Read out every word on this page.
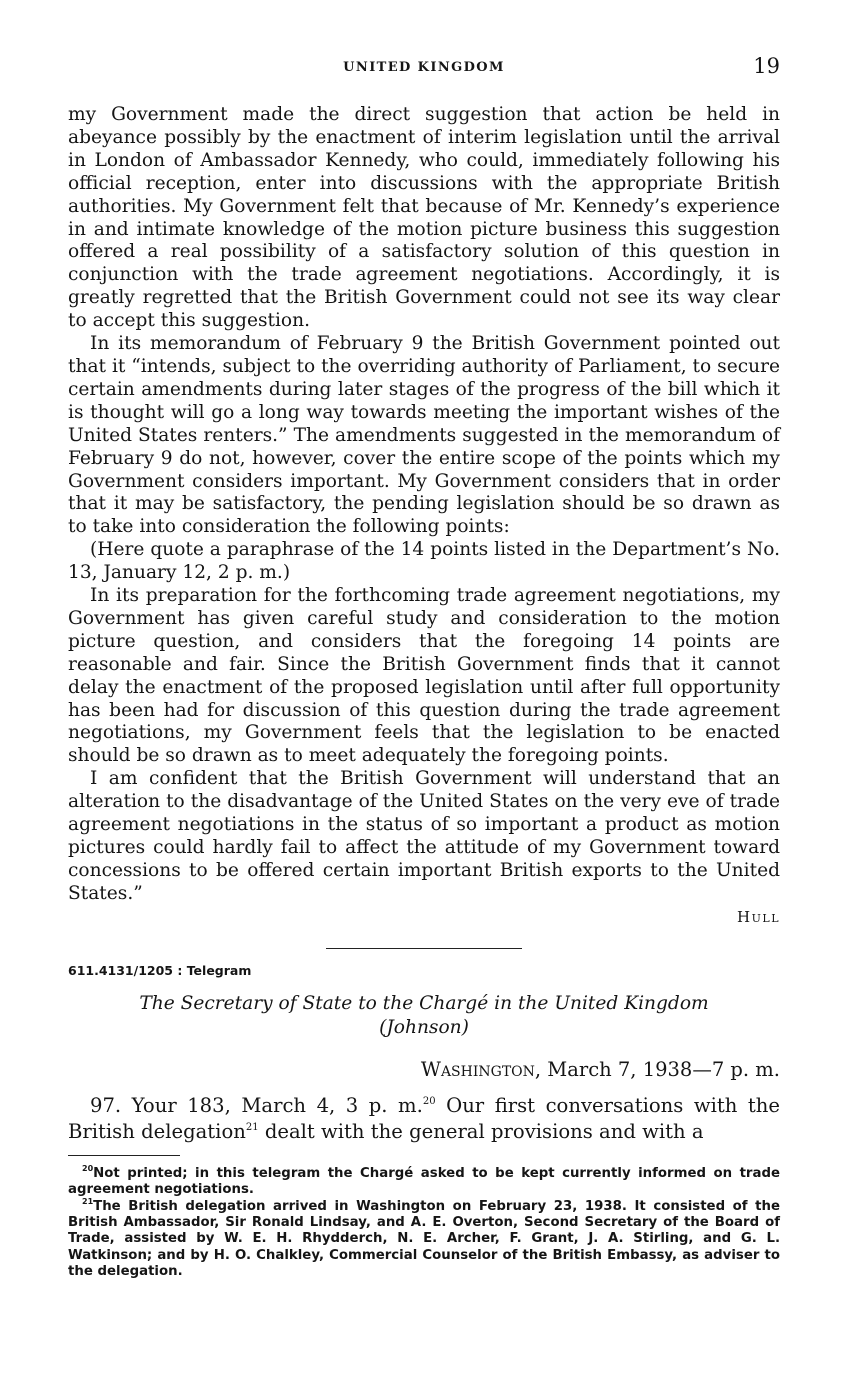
UNITED KINGDOM	19

my Government made the direct suggestion that action be held in abeyance possibly by the enactment of interim legislation until the arrival in London of Ambassador Kennedy, who could, immediately following his official reception, enter into discussions with the appropriate British authorities. My Government felt that because of Mr. Kennedy’s experience in and intimate knowledge of the motion picture business this suggestion offered a real possibility of a satisfactory solution of this question in conjunction with the trade agreement negotiations. Accordingly, it is greatly regretted that the British Government could not see its way clear to accept this suggestion.

In its memorandum of February 9 the British Government pointed out that it “intends, subject to the overriding authority of Parliament, to secure certain amendments during later stages of the progress of the bill which it is thought will go a long way towards meeting the important wishes of the United States renters.” The amendments suggested in the memorandum of February 9 do not, however, cover the entire scope of the points which my Government considers important. My Government considers that in order that it may be satisfactory, the pending legislation should be so drawn as to take into consideration the following points:

(Here quote a paraphrase of the 14 points listed in the Department’s No. 13, January 12, 2 p. m.)

In its preparation for the forthcoming trade agreement negotiations, my Government has given careful study and consideration to the motion picture question, and considers that the foregoing 14 points are reasonable and fair. Since the British Government finds that it cannot delay the enactment of the proposed legislation until after full opportunity has been had for discussion of this question during the trade agreement negotiations, my Government feels that the legislation to be enacted should be so drawn as to meet adequately the foregoing points.

I am confident that the British Government will understand that an alteration to the disadvantage of the United States on the very eve of trade agreement negotiations in the status of so important a product as motion pictures could hardly fail to affect the attitude of my Government toward concessions to be offered certain important British exports to the United States.”

Hull
611.4131/1205 : Telegram
The Secretary of State to the Chargé in the United Kingdom
(Johnson)
Washington, March 7, 1938—7 p. m.

97. Your 183, March 4, 3 p. m.$^{20}$ Our first conversations with the British delegation$^{21}$ dealt with the general provisions and with a

$^{20}$Not printed; in this telegram the Chargé asked to be kept currently informed on trade agreement negotiations.

$^{21}$The British delegation arrived in Washington on February 23, 1938. It consisted of the British Ambassador, Sir Ronald Lindsay, and A. E. Overton, Second Secretary of the Board of Trade, assisted by W. E. H. Rhydderch, N. E. Archer, F. Grant, J. A. Stirling, and G. L. Watkinson; and by H. O. Chalkley, Commercial Counselor of the British Embassy, as adviser to the delegation.
